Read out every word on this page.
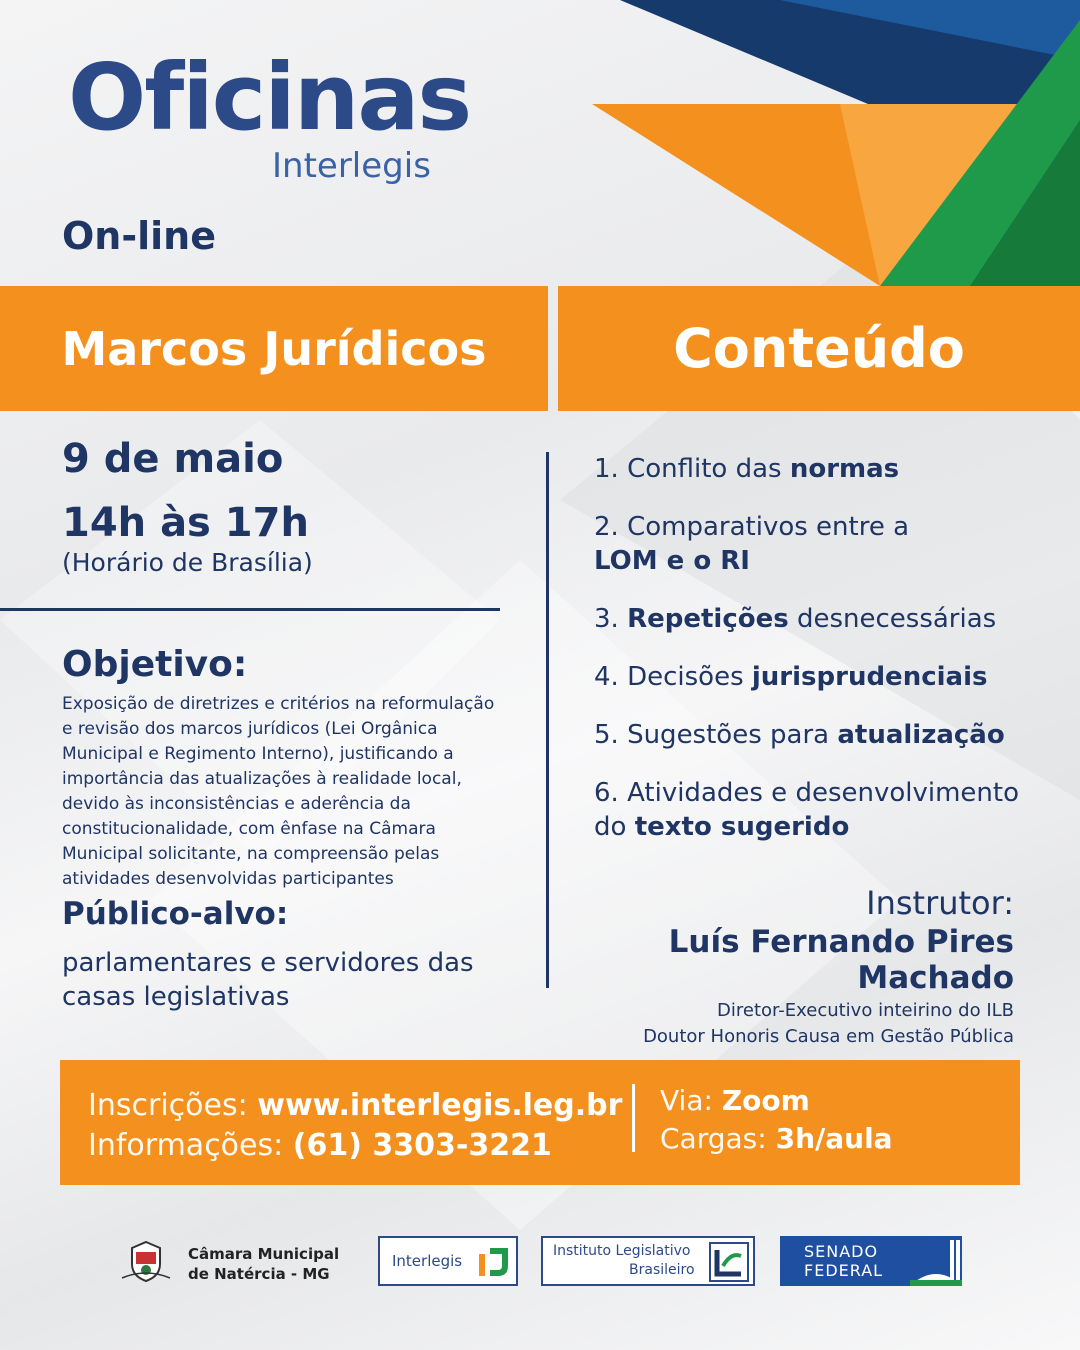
Oficinas
Interlegis
On-line
Marcos Jurídicos	Conteúdo
9 de maio
14h às 17h
(Horário de Brasília)
Objetivo:
Exposição de diretrizes e critérios na reformulação e revisão dos marcos jurídicos (Lei Orgânica Municipal e Regimento Interno), justificando a importância das atualizações à realidade local, devido às inconsistências e aderência da constitucionalidade, com ênfase na Câmara Municipal solicitante, na compreensão pelas atividades desenvolvidas participantes
Público-alvo:
parlamentares e servidores das casas legislativas
1. Conflito das normas
2. Comparativos entre a
LOM e o RI
3. Repetições desnecessárias
4. Decisões jurisprudenciais
5. Sugestões para atualização
6. Atividades e desenvolvimento do texto sugerido
Instrutor:
Luís Fernando Pires Machado
Diretor-Executivo inteirino do ILB
Doutor Honoris Causa em Gestão Pública
Inscrições: www.interlegis.leg.br
Informações: (61) 3303-3221
Via: Zoom
Cargas: 3h/aula
Câmara Municipal
de Natércia - MG
Interlegis
Instituto Legislativo
Brasileiro
SENADO
FEDERAL
